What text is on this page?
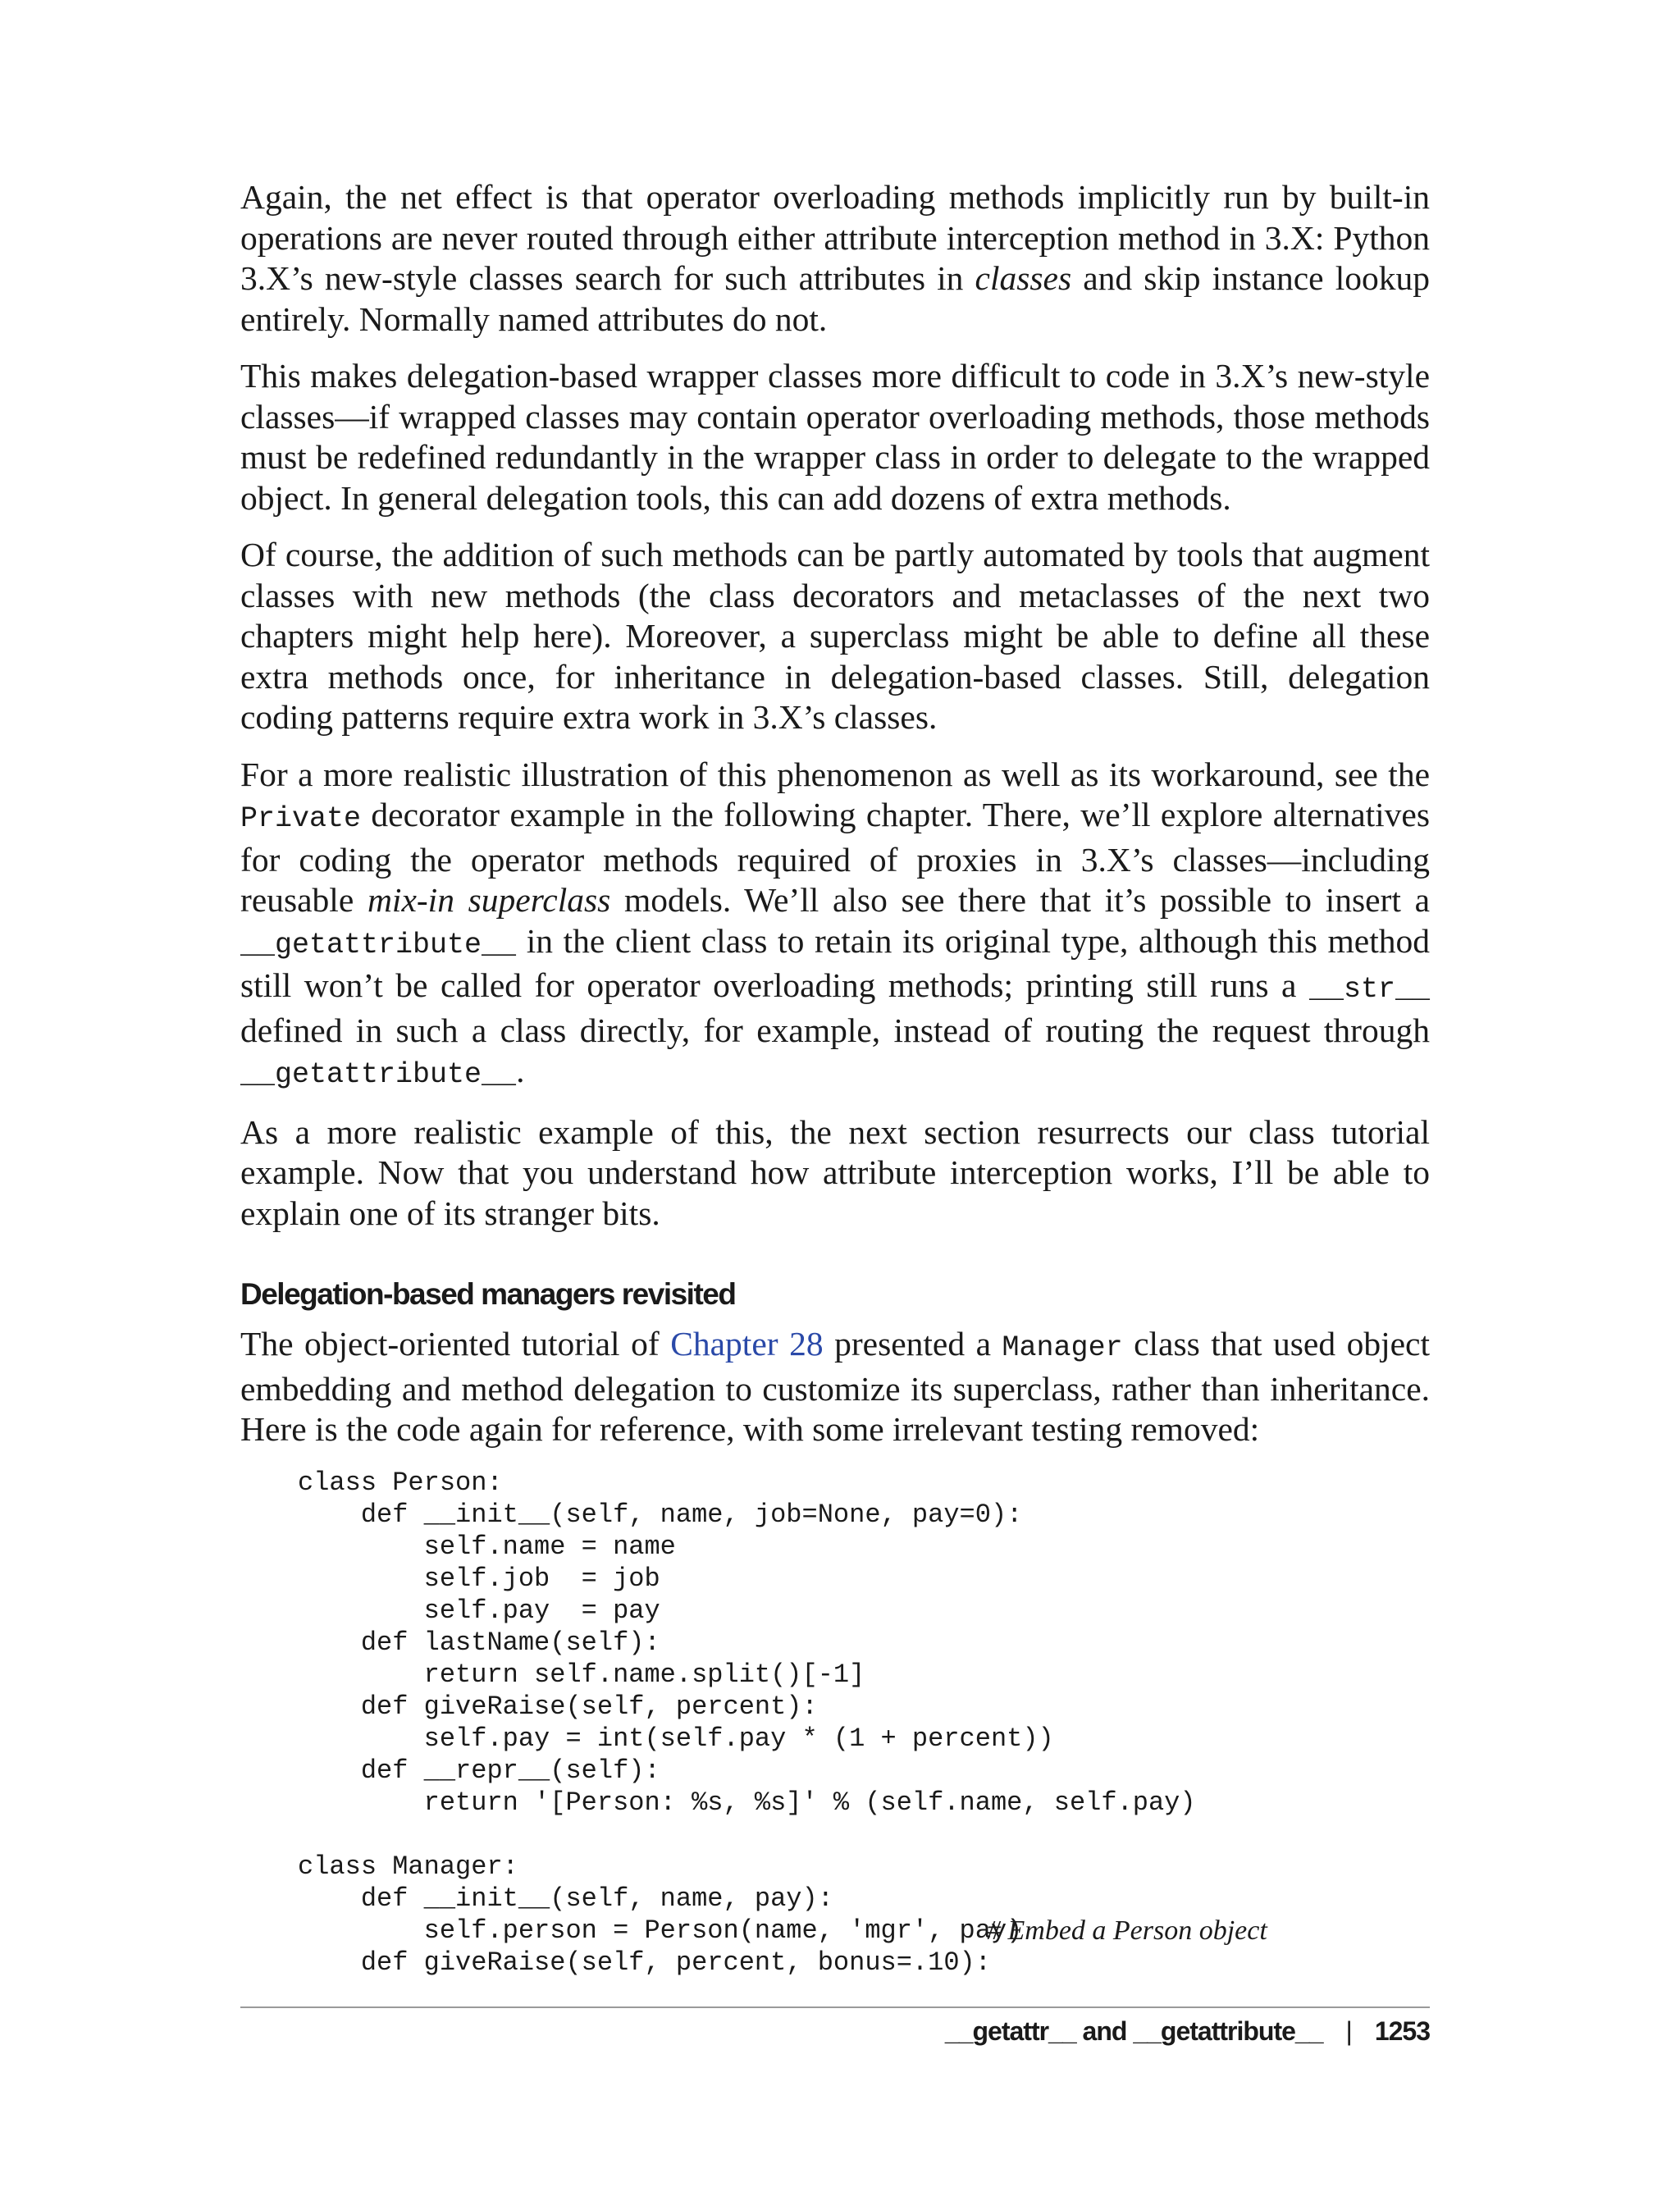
Again, the net effect is that operator overloading methods implicitly run by built-in operations are never routed through either attribute interception method in 3.X: Python 3.X’s new-style classes search for such attributes in classes and skip instance lookup entirely. Normally named attributes do not.

This makes delegation-based wrapper classes more difficult to code in 3.X’s new-style classes—if wrapped classes may contain operator overloading methods, those methods must be redefined redundantly in the wrapper class in order to delegate to the wrapped object. In general delegation tools, this can add dozens of extra methods.

Of course, the addition of such methods can be partly automated by tools that augment classes with new methods (the class decorators and metaclasses of the next two chapters might help here). Moreover, a superclass might be able to define all these extra methods once, for inheritance in delegation-based classes. Still, delegation coding patterns require extra work in 3.X’s classes.

For a more realistic illustration of this phenomenon as well as its workaround, see the Private decorator example in the following chapter. There, we’ll explore alternatives for coding the operator methods required of proxies in 3.X’s classes—including reusable mix-in superclass models. We’ll also see there that it’s possible to insert a __getattribute__ in the client class to retain its original type, although this method still won’t be called for operator overloading methods; printing still runs a __str__ defined in such a class directly, for example, instead of routing the request through __getattribute__.

As a more realistic example of this, the next section resurrects our class tutorial example. Now that you understand how attribute interception works, I’ll be able to explain one of its stranger bits.

Delegation-based managers revisited

The object-oriented tutorial of Chapter 28 presented a Manager class that used object embedding and method delegation to customize its superclass, rather than inheritance. Here is the code again for reference, with some irrelevant testing removed:

class Person:
def __init__(self, name, job=None, pay=0):
self.name = name
self.job  = job
self.pay  = pay
def lastName(self):
return self.name.split()[-1]
def giveRaise(self, percent):
self.pay = int(self.pay * (1 + percent))
def __repr__(self):
return '[Person: %s, %s]' % (self.name, self.pay)
class Manager:
def __init__(self, name, pay):
self.person = Person(name, 'mgr', pay)
# Embed a Person object
def giveRaise(self, percent, bonus=.10):
__getattr__ and __getattribute__ | 1253
